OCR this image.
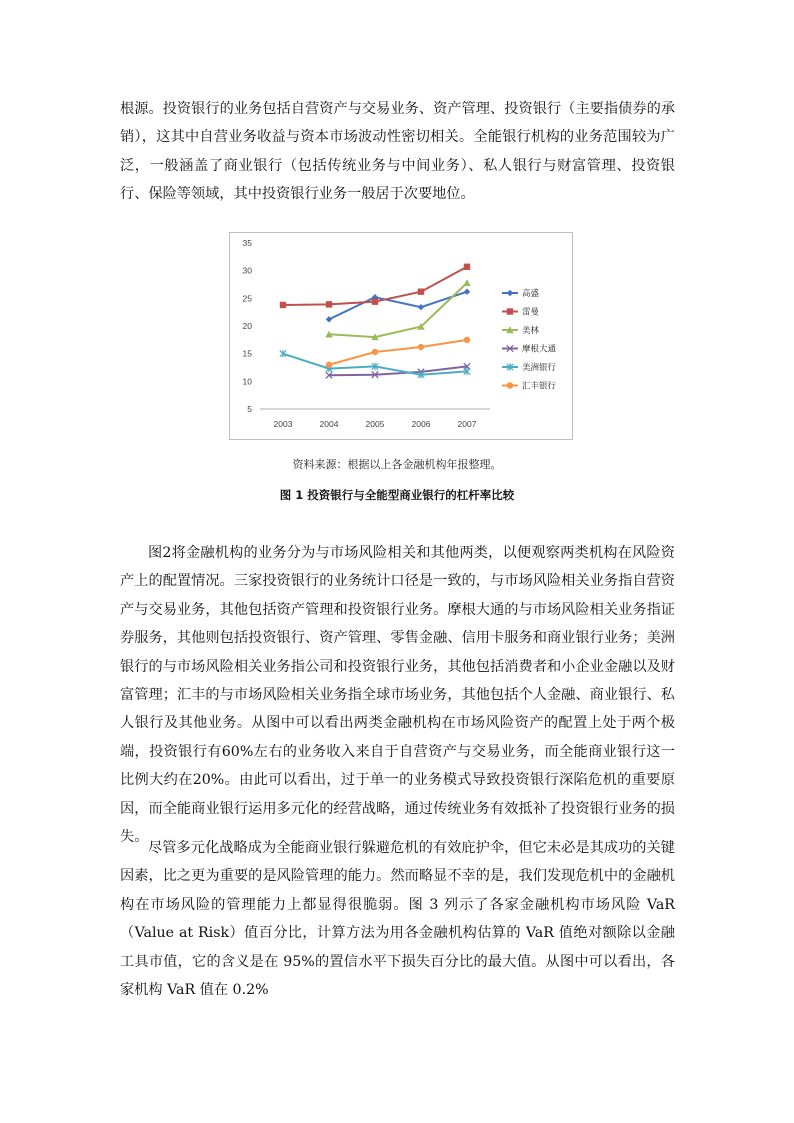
根源。投资银行的业务包括自营资产与交易业务、资产管理、投资银行（主要指债券的承销），这其中自营业务收益与资本市场波动性密切相关。全能银行机构的业务范围较为广泛，一般涵盖了商业银行（包括传统业务与中间业务）、私人银行与财富管理、投资银行、保险等领域，其中投资银行业务一般居于次要地位。

5
10
15
20
25
30
35
2003	2004	2005	2006	2007
高盛
雷曼
美林
摩根大通
美洲银行
汇丰银行
资料来源：根据以上各金融机构年报整理。
图 1 投资银行与全能型商业银行的杠杆率比较

图2将金融机构的业务分为与市场风险相关和其他两类，以便观察两类机构在风险资产上的配置情况。三家投资银行的业务统计口径是一致的，与市场风险相关业务指自营资产与交易业务，其他包括资产管理和投资银行业务。摩根大通的与市场风险相关业务指证券服务，其他则包括投资银行、资产管理、零售金融、信用卡服务和商业银行业务；美洲银行的与市场风险相关业务指公司和投资银行业务，其他包括消费者和小企业金融以及财富管理；汇丰的与市场风险相关业务指全球市场业务，其他包括个人金融、商业银行、私人银行及其他业务。从图中可以看出两类金融机构在市场风险资产的配置上处于两个极端，投资银行有60%左右的业务收入来自于自营资产与交易业务，而全能商业银行这一比例大约在20%。由此可以看出，过于单一的业务模式导致投资银行深陷危机的重要原因，而全能商业银行运用多元化的经营战略，通过传统业务有效抵补了投资银行业务的损失。

尽管多元化战略成为全能商业银行躲避危机的有效庇护伞，但它未必是其成功的关键因素，比之更为重要的是风险管理的能力。然而略显不幸的是，我们发现危机中的金融机构在市场风险的管理能力上都显得很脆弱。图 3 列示了各家金融机构市场风险 VaR（Value at Risk）值百分比，计算方法为用各金融机构估算的 VaR 值绝对额除以金融工具市值，它的含义是在 95%的置信水平下损失百分比的最大值。从图中可以看出，各家机构 VaR 值在 0.2%
